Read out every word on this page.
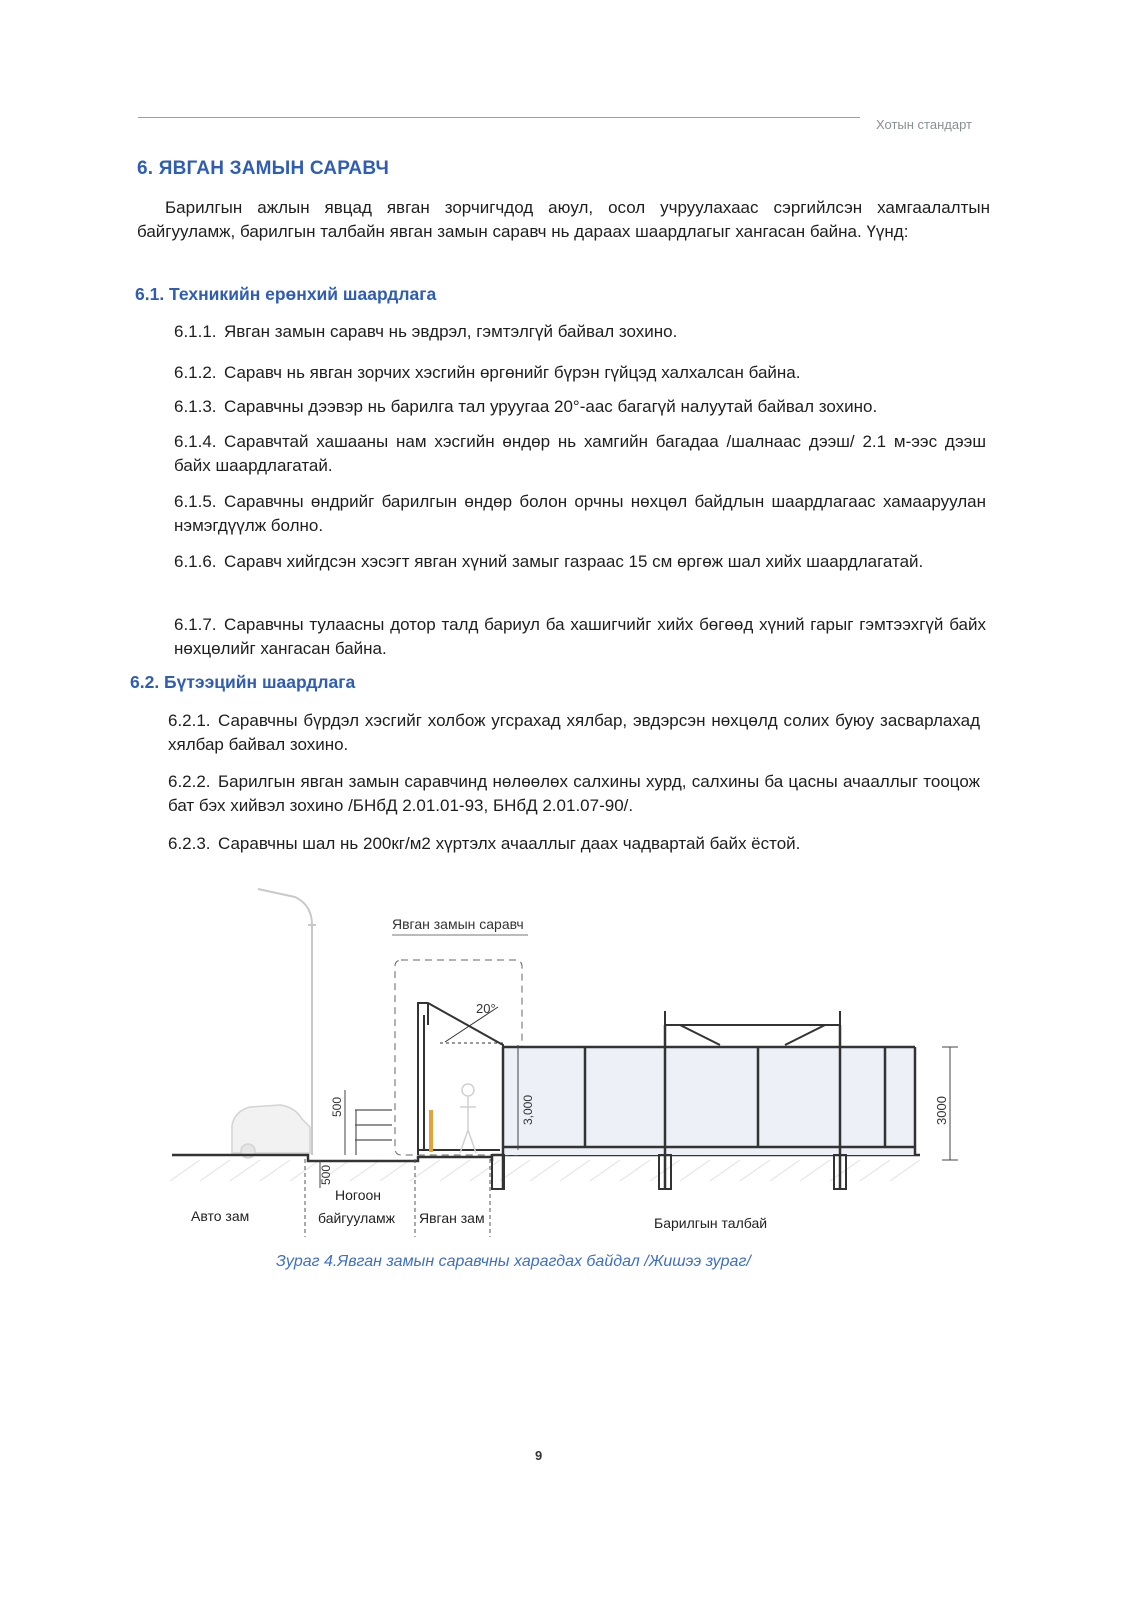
Хотын стандарт
6. ЯВГАН ЗАМЫН САРАВЧ
Барилгын ажлын явцад явган зорчигчдод аюул, осол учруулахаас сэргийлсэн хамгаалалтын байгууламж, барилгын талбайн явган замын саравч нь дараах шаардлагыг хангасан байна. Үүнд:
6.1. Техникийн ерөнхий шаардлага
6.1.1. Явган замын саравч нь эвдрэл, гэмтэлгүй байвал зохино.
6.1.2. Саравч нь явган зорчих хэсгийн өргөнийг бүрэн гүйцэд халхалсан байна.
6.1.3. Саравчны дээвэр нь барилга тал уруугаа 20°-аас багагүй налуутай байвал зохино.
6.1.4. Саравчтай хашааны нам хэсгийн өндөр нь хамгийн багадаа /шалнаас дээш/ 2.1 м-ээс дээш байх шаардлагатай.
6.1.5. Саравчны өндрийг барилгын өндөр болон орчны нөхцөл байдлын шаардлагаас хамааруулан нэмэгдүүлж болно.
6.1.6. Саравч хийгдсэн хэсэгт явган хүний замыг газраас 15 см өргөж шал хийх шаардлагатай.
6.1.7. Саравчны тулаасны дотор талд бариул ба хашигчийг хийх бөгөөд хүний гарыг гэмтээхгүй байх нөхцөлийг хангасан байна.
6.2. Бүтээцийн шаардлага
6.2.1. Саравчны бүрдэл хэсгийг холбож угсрахад хялбар, эвдэрсэн нөхцөлд солих буюу засварлахад хялбар байвал зохино.
6.2.2. Барилгын явган замын саравчинд нөлөөлөх салхины хурд, салхины ба цасны ачааллыг тооцож бат бэх хийвэл зохино /БНбД 2.01.01-93, БНбД 2.01.07-90/.
6.2.3. Саравчны шал нь 200кг/м2 хүртэлх ачааллыг даах чадвартай байх ёстой.
Явган замын саравч
20°
3,000
500
500
3000
Авто зам
Ногоон
байгууламж Явган зам	Барилгын талбай
Зураг 4.Явган замын саравчны харагдах байдал /Жишээ зураг/
9
